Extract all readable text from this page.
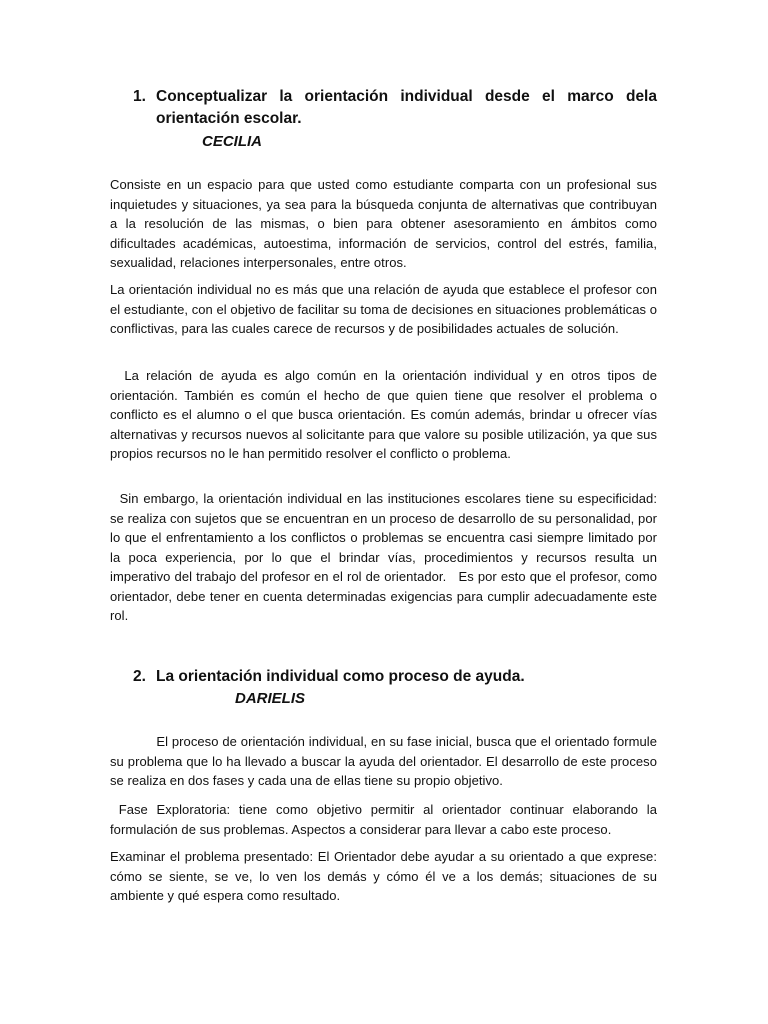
1. Conceptualizar la orientación individual desde el marco dela orientación escolar.
CECILIA

Consiste en un espacio para que usted como estudiante comparta con un profesional sus inquietudes y situaciones, ya sea para la búsqueda conjunta de alternativas que contribuyan a la resolución de las mismas, o bien para obtener asesoramiento en ámbitos como dificultades académicas, autoestima, información de servicios, control del estrés, familia, sexualidad, relaciones interpersonales, entre otros.

La orientación individual no es más que una relación de ayuda que establece el profesor con el estudiante, con el objetivo de facilitar su toma de decisiones en situaciones problemáticas o conflictivas, para las cuales carece de recursos y de posibilidades actuales de solución.

La relación de ayuda es algo común en la orientación individual y en otros tipos de orientación. También es común el hecho de que quien tiene que resolver el problema o conflicto es el alumno o el que busca orientación. Es común además, brindar u ofrecer vías alternativas y recursos nuevos al solicitante para que valore su posible utilización, ya que sus propios recursos no le han permitido resolver el conflicto o problema.

Sin embargo, la orientación individual en las instituciones escolares tiene su especificidad: se realiza con sujetos que se encuentran en un proceso de desarrollo de su personalidad, por lo que el enfrentamiento a los conflictos o problemas se encuentra casi siempre limitado por la poca experiencia, por lo que el brindar vías, procedimientos y recursos resulta un imperativo del trabajo del profesor en el rol de orientador.   Es por esto que el profesor, como orientador, debe tener en cuenta determinadas exigencias para cumplir adecuadamente este rol.

2. La orientación individual como proceso de ayuda.
DARIELIS

El proceso de orientación individual, en su fase inicial, busca que el orientado formule su problema que lo ha llevado a buscar la ayuda del orientador. El desarrollo de este proceso se realiza en dos fases y cada una de ellas tiene su propio objetivo.

Fase Exploratoria: tiene como objetivo permitir al orientador continuar elaborando la formulación de sus problemas. Aspectos a considerar para llevar a cabo este proceso.

Examinar el problema presentado: El Orientador debe ayudar a su orientado a que exprese: cómo se siente, se ve, lo ven los demás y cómo él ve a los demás; situaciones de su ambiente y qué espera como resultado.
